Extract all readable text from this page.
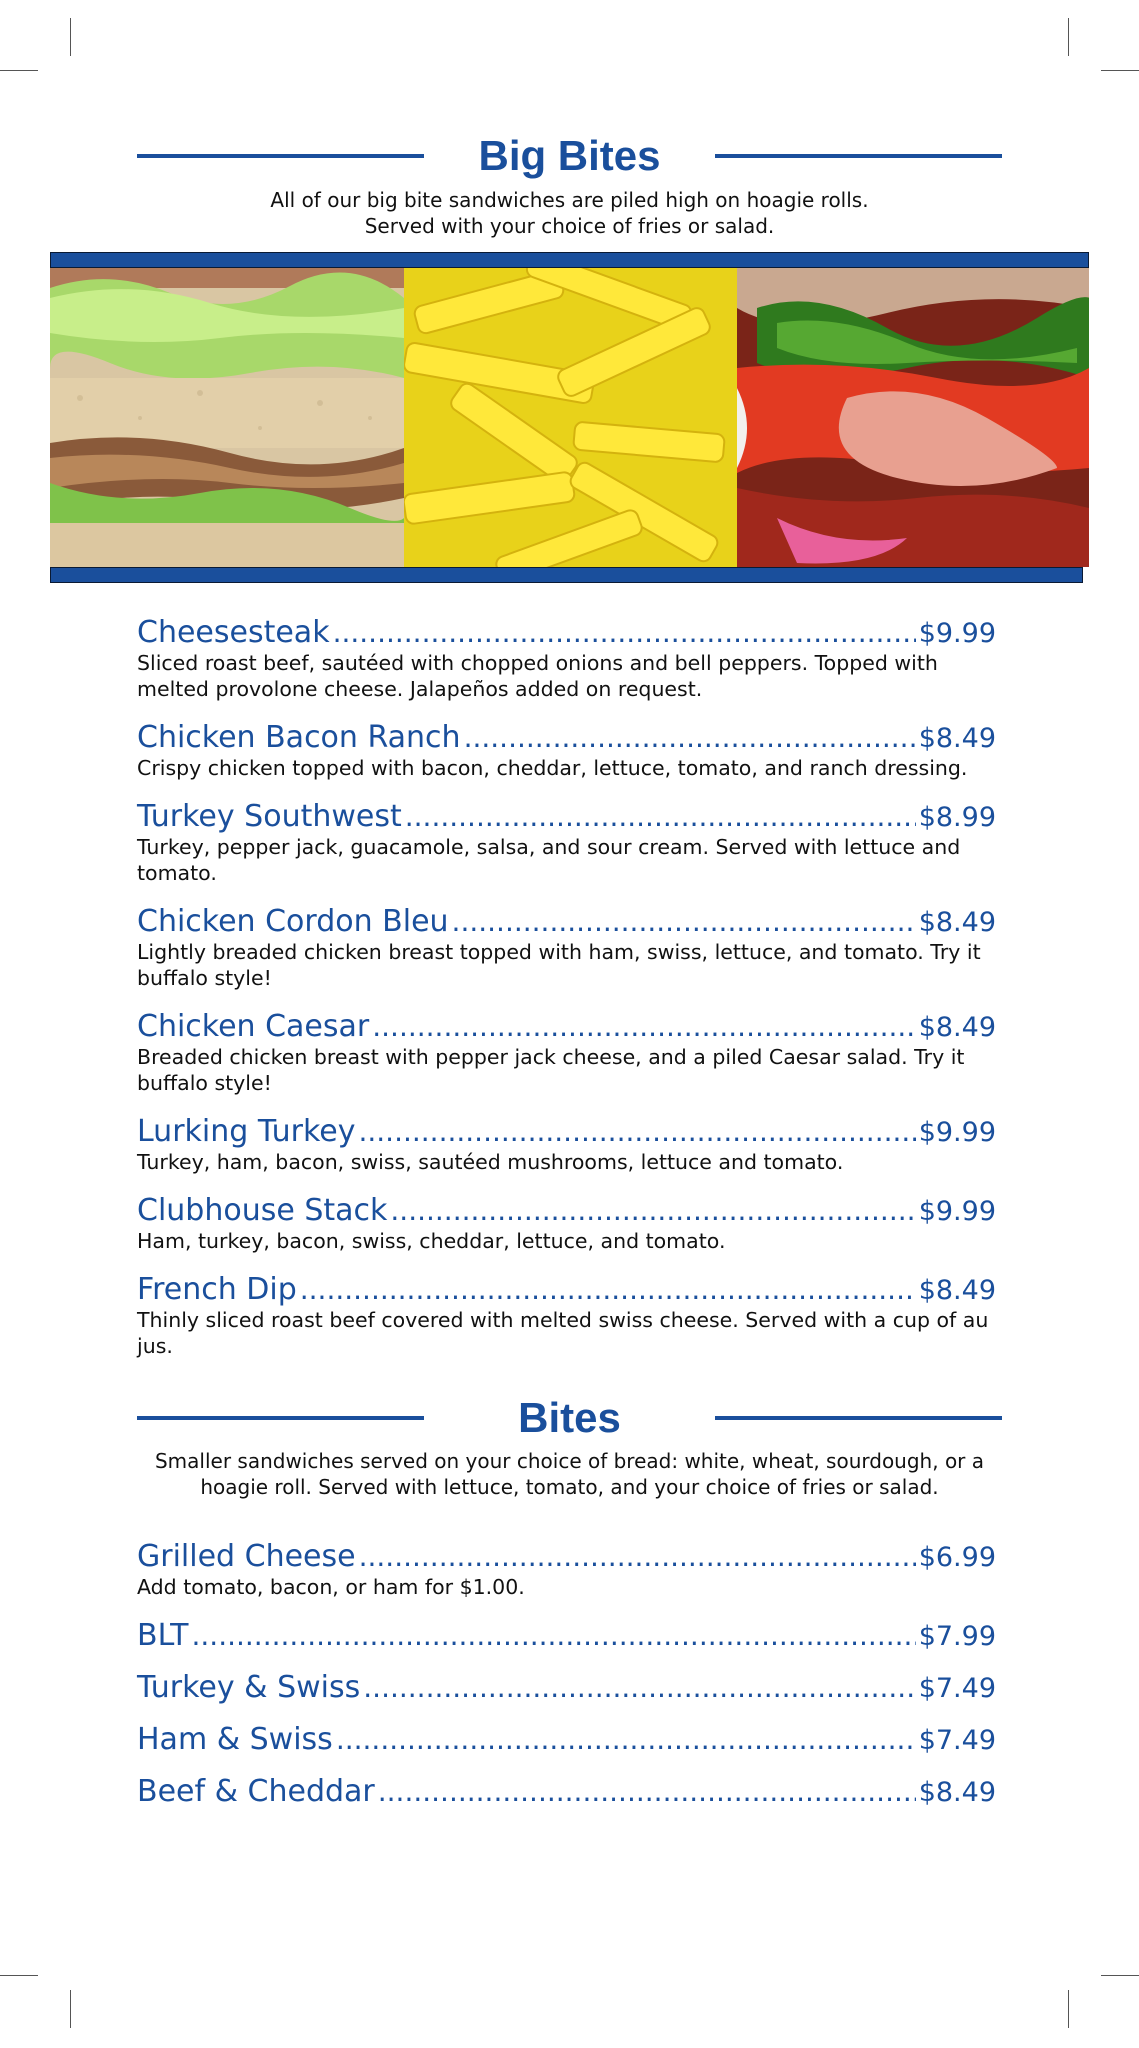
Big Bites
All of our big bite sandwiches are piled high on hoagie rolls.
Served with your choice of fries or salad.
Cheesesteak .....	$9.99
Sliced roast beef, sautéed with chopped onions and bell peppers. Topped with melted provolone cheese. Jalapeños added on request.
Chicken Bacon Ranch .....	$8.49
Crispy chicken topped with bacon, cheddar, lettuce, tomato, and ranch dressing.
Turkey Southwest .....	$8.99
Turkey, pepper jack, guacamole, salsa, and sour cream. Served with lettuce and tomato.
Chicken Cordon Bleu .....	$8.49
Lightly breaded chicken breast topped with ham, swiss, lettuce, and tomato. Try it buffalo style!
Chicken Caesar .....	$8.49
Breaded chicken breast with pepper jack cheese, and a piled Caesar salad. Try it buffalo style!
Lurking Turkey .....	$9.99
Turkey, ham, bacon, swiss, sautéed mushrooms, lettuce and tomato.
Clubhouse Stack .....	$9.99
Ham, turkey, bacon, swiss, cheddar, lettuce, and tomato.
French Dip .....	$8.49
Thinly sliced roast beef covered with melted swiss cheese. Served with a cup of au jus.
Bites
Smaller sandwiches served on your choice of bread: white, wheat, sourdough, or a
hoagie roll. Served with lettuce, tomato, and your choice of fries or salad.
Grilled Cheese .....	$6.99
Add tomato, bacon, or ham for $1.00.
BLT .....	$7.99
Turkey & Swiss .....	$7.49
Ham & Swiss .....	$7.49
Beef & Cheddar .....	$8.49
